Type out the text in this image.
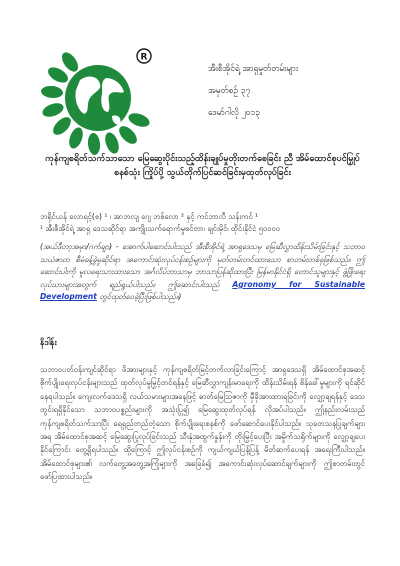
R
အီးစီအိုင်ရဲ့ အာရှမှုတ်တမ်းများ
အမှတ်စဉ် ၃၇
ဒေမာ်ဂါလို ၂၀၁၃
ကုန်ကျစရိတ်သက်သာသော မြေဆွေးပိုင်းသည့်ထိန်းချုပ်မှုတိုးတက်စေခြင်း ညီ အိမ်ထောင်စုပင်မြှုပ်စနစ်သုံး ကြိုပ်ပို့ သွယ်တိုက်ပြင်ဆင်ခြင်းမှထုတ်လုပ်ခြင်း
ဘရိုင်ယန် လောရင့်(စ) ¹ ၊ အာဘလျ ဂျေ ဘစ်လော ² နှင့် ကင်ဘာလီ သန်းကင် ¹
¹ အီးစီအိုင်ရဲ့ အာရှ ဒေသဆိုင်ရာ အကျိုးသက်ရောက်မှုစင်တာ၊ ချင်းမိုင်၊ ထိုင်းနိုင်ငံ ၅၀၀၀၀
(အယ်ဒီတာ့အမှာ/ဂက်ချာ) - အောက်ပါဆောင်းပါးသည် အီးစီအိုင်ရဲ့ အာရှဒေသမှ မြေဆီလွှာထိန်းသိမ်းခြင်းနှင့် သဘာဝသယံဇာတ စီမံခန့်ခွဲမှုဆိုင်ရာ အကောင်းဆုံးလုပ်ငန်းစဉ်များကို မှတ်တမ်းတင်ထားသော စာတမ်းတစ်ခုဖြစ်သည်။ ဤဆောင်းပါးကို မူလရေးသားထားသော အင်္ဂလိပ်ဘာသာမှ ဘာသာပြန်ဆိုထားပြီး မြန်မာနိုင်ငံရှိ တောင်သူများနှင့် ဖွံ့ဖြိုးရေးလုပ်သားများအတွက် ရည်ရွယ်ပါသည်။ ဤဆောင်းပါးသည် Agronomy for Sustainable Development တွင်ထုတ်ဝေခဲ့ပြီးဖြစ်ပါသည်။)
နိဒါန်း
သဘာဝပတ်ဝန်းကျင်ဆိုင်ရာ ဖိအားများနှင့် ကုန်ကျစရိတ်မြင့်တက်လာခြင်းကြောင့် အာရှဒေသရှိ အိမ်ထောင်စုအဆင့် စိုက်ပျိုးရေးလုပ်ငန်းများသည် ထုတ်လုပ်မှုမြှင့်တင်ရန်နှင့် မြေဆီလွှာကျန်းမာရေးကို ထိန်းသိမ်းရန် စိန်ခေါ်မှုများကို ရင်ဆိုင်နေရပါသည်။ ကျေးလက်ဒေသရှိ လယ်သမားများအနေဖြင့် ဓာတ်မြေဩဇာကို မှီခိုအားထားရခြင်းကို လျှော့ချရန်နှင့် ဒေသတွင်းရရှိနိုင်သော သဘာဝပစ္စည်းများကို အသုံးပြု၍ မြေဆွေးထုတ်လုပ်ရန် လိုအပ်ပါသည်။ ဤနည်းလမ်းသည် ကုန်ကျစရိတ်သက်သာပြီး ရေရှည်တည်တံ့သော စိုက်ပျိုးရေးစနစ်ကို ဖော်ဆောင်ပေးနိုင်ပါသည်။ သုတေသနပြုချက်များအရ အိမ်ထောင်စုအဆင့် မြေဆွေးပြုလုပ်ခြင်းသည် သီးနှံအထွက်နှုန်းကို တိုးမြှင့်ပေးပြီး အမှိုက်သရိုက်များကို လျှော့ချပေးနိုင်ကြောင်း တွေ့ရှိရပါသည်။ ထို့ကြောင့် ဤလုပ်ငန်းစဉ်ကို ကျယ်ကျယ်ပြန့်ပြန့် မိတ်ဆက်ပေးရန် အရေးကြီးပါသည်။ အိမ်ထောင်စုများ၏ လက်တွေ့အတွေ့အကြုံများကို အခြေခံ၍ အကောင်းဆုံးလုပ်ဆောင်ချက်များကို ဤစာတမ်းတွင် ဖော်ပြထားပါသည်။
